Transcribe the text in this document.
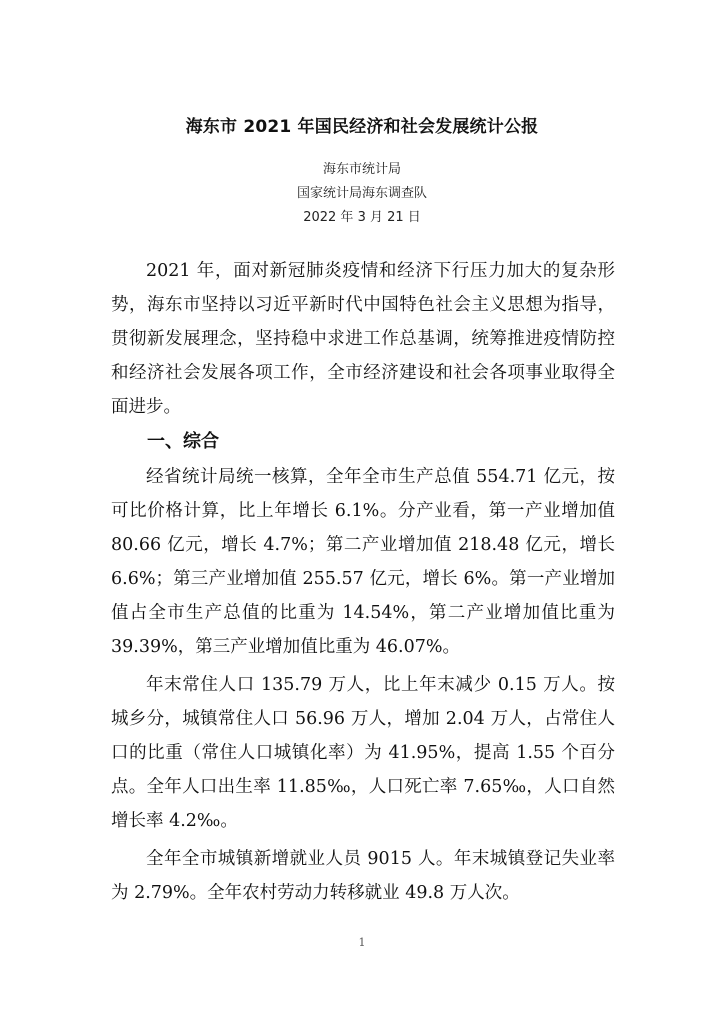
海东市 2021 年国民经济和社会发展统计公报
海东市统计局
国家统计局海东调查队
2022 年 3 月 21 日

2021 年，面对新冠肺炎疫情和经济下行压力加大的复杂形势，海东市坚持以习近平新时代中国特色社会主义思想为指导，贯彻新发展理念，坚持稳中求进工作总基调，统筹推进疫情防控和经济社会发展各项工作，全市经济建设和社会各项事业取得全面进步。

一、综合

经省统计局统一核算，全年全市生产总值 554.71 亿元，按可比价格计算，比上年增长 6.1%。分产业看，第一产业增加值 80.66 亿元，增长 4.7%；第二产业增加值 218.48 亿元，增长 6.6%；第三产业增加值 255.57 亿元，增长 6%。第一产业增加值占全市生产总值的比重为 14.54%，第二产业增加值比重为 39.39%，第三产业增加值比重为 46.07%。

年末常住人口 135.79 万人，比上年末减少 0.15 万人。按城乡分，城镇常住人口 56.96 万人，增加 2.04 万人，占常住人口的比重（常住人口城镇化率）为 41.95%，提高 1.55 个百分点。全年人口出生率 11.85‰，人口死亡率 7.65‰，人口自然增长率 4.2‰。

全年全市城镇新增就业人员 9015 人。年末城镇登记失业率为 2.79%。全年农村劳动力转移就业 49.8 万人次。

1
